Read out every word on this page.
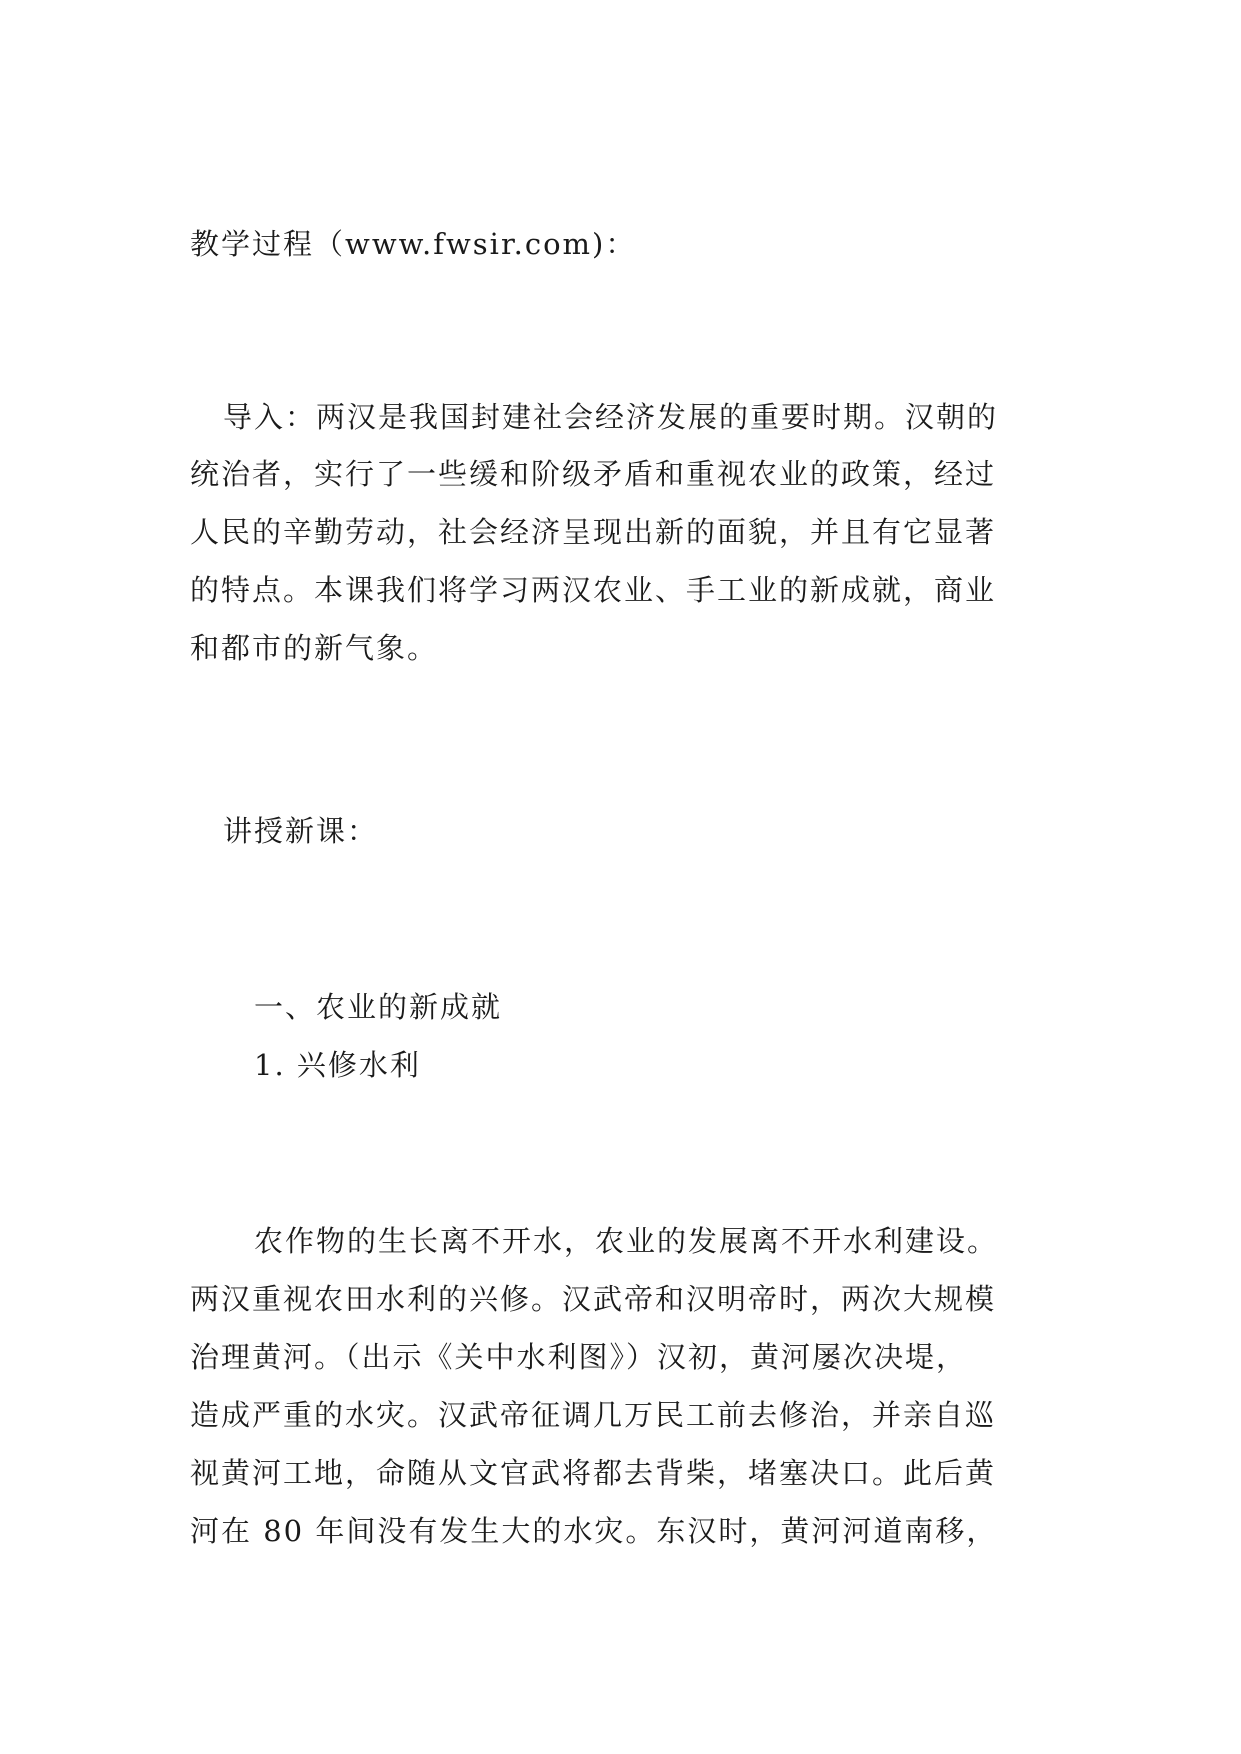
教学过程（www.fwsir.com)：
导入：两汉是我国封建社会经济发展的重要时期。汉朝的
统治者，实行了一些缓和阶级矛盾和重视农业的政策，经过
人民的辛勤劳动，社会经济呈现出新的面貌，并且有它显著
的特点。本课我们将学习两汉农业、手工业的新成就，商业
和都市的新气象。
讲授新课：
一、农业的新成就
1. 兴修水利
农作物的生长离不开水，农业的发展离不开水利建设。
两汉重视农田水利的兴修。汉武帝和汉明帝时，两次大规模
治理黄河。（出示《关中水利图》）汉初，黄河屡次决堤，
造成严重的水灾。汉武帝征调几万民工前去修治，并亲自巡
视黄河工地，命随从文官武将都去背柴，堵塞决口。此后黄
河在 80 年间没有发生大的水灾。东汉时，黄河河道南移，
